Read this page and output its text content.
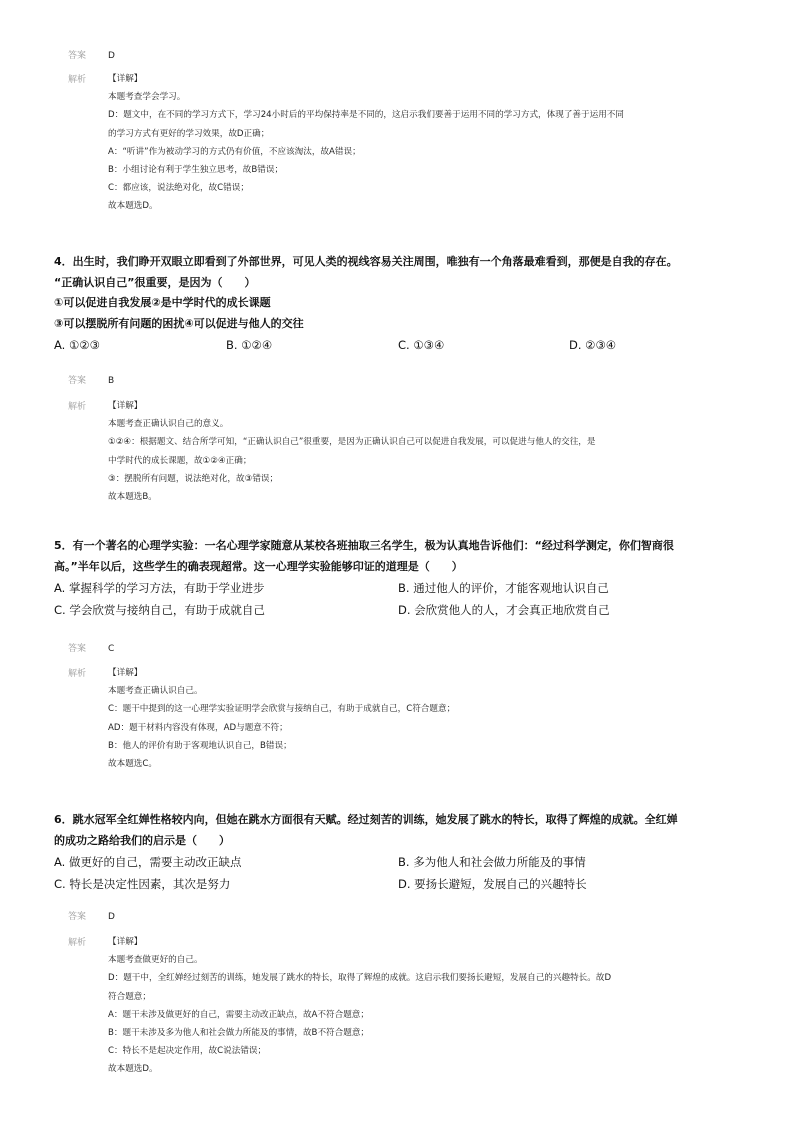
答案	D
解析	【详解】
本题考查学会学习。
D：题文中，在不同的学习方式下，学习24小时后的平均保持率是不同的，这启示我们要善于运用不同的学习方式，体现了善于运用不同
的学习方式有更好的学习效果，故D正确；
A：“听讲”作为被动学习的方式仍有价值，不应该淘汰，故A错误；
B：小组讨论有利于学生独立思考，故B错误；
C：都应该，说法绝对化，故C错误；
故本题选D。
4．出生时，我们睁开双眼立即看到了外部世界，可见人类的视线容易关注周围，唯独有一个角落最难看到，那便是自我的存在。
“正确认识自己”很重要，是因为（　　）
①可以促进自我发展②是中学时代的成长课题
③可以摆脱所有问题的困扰④可以促进与他人的交往
A. ①②③	B. ①②④	C. ①③④	D. ②③④
答案	B
解析	【详解】
本题考查正确认识自己的意义。
①②④：根据题文、结合所学可知，“正确认识自己”很重要，是因为正确认识自己可以促进自我发展，可以促进与他人的交往，是
中学时代的成长课题，故①②④正确；
③：摆脱所有问题，说法绝对化，故③错误；
故本题选B。
5．有一个著名的心理学实验：一名心理学家随意从某校各班抽取三名学生，极为认真地告诉他们：“经过科学测定，你们智商很
高。”半年以后，这些学生的确表现超常。这一心理学实验能够印证的道理是（　　）
A. 掌握科学的学习方法，有助于学业进步	B. 通过他人的评价，才能客观地认识自己
C. 学会欣赏与接纳自己，有助于成就自己	D. 会欣赏他人的人，才会真正地欣赏自己
答案	C
解析	【详解】
本题考查正确认识自己。
C：题干中提到的这一心理学实验证明学会欣赏与接纳自己，有助于成就自己，C符合题意；
AD：题干材料内容没有体现，AD与题意不符；
B：他人的评价有助于客观地认识自己，B错误；
故本题选C。
6．跳水冠军全红婵性格较内向，但她在跳水方面很有天赋。经过刻苦的训练，她发展了跳水的特长，取得了辉煌的成就。全红婵
的成功之路给我们的启示是（　　）
A. 做更好的自己，需要主动改正缺点	B. 多为他人和社会做力所能及的事情
C. 特长是决定性因素，其次是努力	D. 要扬长避短，发展自己的兴趣特长
答案	D
解析	【详解】
本题考查做更好的自己。
D：题干中，全红婵经过刻苦的训练，她发展了跳水的特长，取得了辉煌的成就。这启示我们要扬长避短，发展自己的兴趣特长。故D
符合题意；
A：题干未涉及做更好的自己，需要主动改正缺点，故A不符合题意；
B：题干未涉及多为他人和社会做力所能及的事情，故B不符合题意；
C：特长不是起决定作用，故C说法错误；
故本题选D。
